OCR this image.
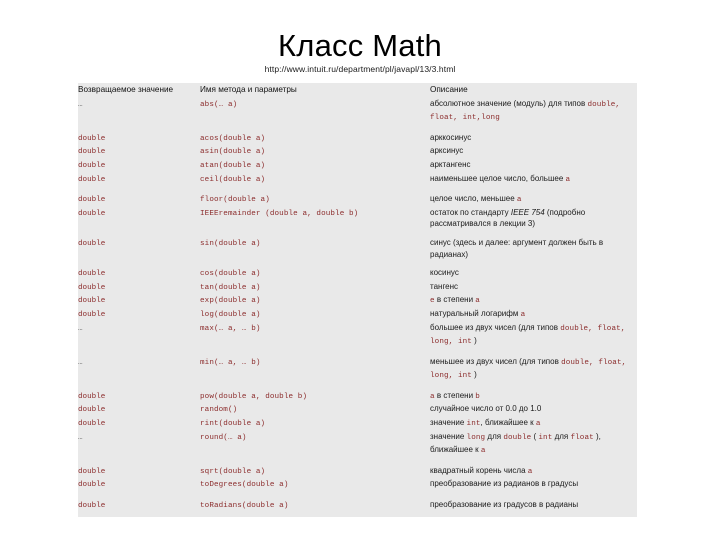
Класс Math
http://www.intuit.ru/department/pl/javapl/13/3.html
Возвращаемое значение	Имя метода и параметры	Описание
…	abs(… a)	абсолютное значение (модуль) для типов double, float, int,long

double	acos(double a)	арккосинус
double	asin(double a)	арксинус
double	atan(double a)	арктангенс
double	ceil(double a)	наименьшее целое число, большее a

double	floor(double a)	целое число, меньшее a
double	IEEEremainder (double a, double b)	остаток по стандарту IEEE 754 (подробно рассматривался в лекции 3)

double	sin(double a)	синус (здесь и далее: аргумент должен быть в радианах)

double	cos(double a)	косинус
double	tan(double a)	тангенс
double	exp(double a)	e в степени a
double	log(double a)	натуральный логарифм a
…	max(… a, … b)	большее из двух чисел (для типов double, float, long, int )

…	min(… a, … b)	меньшее из двух чисел (для типов double, float, long, int )

double	pow(double a, double b)	a в степени b
double	random()	случайное число от 0.0 до 1.0
double	rint(double a)	значение int, ближайшее к a
…	round(… a)	значение long для double ( int для float ), ближайшее к a

double	sqrt(double a)	квадратный корень числа a
double	toDegrees(double a)	преобразование из радианов в градусы

double	toRadians(double a)	преобразование из градусов в радианы
